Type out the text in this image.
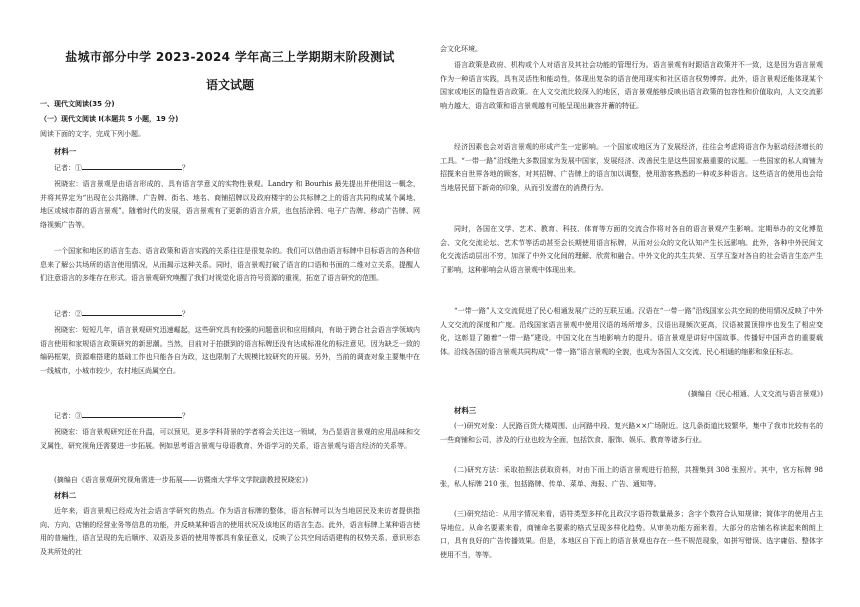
盐城市部分中学 2023-2024 学年高三上学期期末阶段测试
语文试题
一、现代文阅读(35 分)
（一）现代文阅读 I(本题共 5 小题，19 分)
阅读下面的文字，完成下列小题。
材料一
记者：①	？
祝晓宏：语言景观是由语言形成的、具有语言学意义的实物性景观。Landry 和 Bourhis 最先提出并使用这一概念，并将其界定为“出现在公共路牌、广告牌、街名、地名、商铺招牌以及政府楼宇的公共标牌之上的语言共同构成某个属地、地区或城市群的语言景观”。随着时代的发展，语言景观有了更新的语言介质，也包括涂鸦、电子广告牌、移动广告牌、网络视频广告等。
一个国家和地区的语言生态、语言政策和语言实践的关系往往是很复杂的。我们可以借由语言标牌中目标语言的各种信息来了解公共场所的语言使用情况，从而揭示这种关系。同时，语言景观打破了语言的口语和书面的二维对立关系，提醒人们注意语言的多维存在形式。语言景观研究唤醒了我们对视觉化语言符号资源的重视，拓宽了语言研究的范围。
记者：②	？
祝晓宏：短短几年，语言景观研究迅速崛起，这些研究具有较强的问题意识和应用倾向，有助于跨合社会语言学领域内语言使用和家规语言政策研究的新思潮。当然，目前对于拍摄到的语言标牌还没有达成标准化的标注意见，因为缺乏一致的编码框架，资源难搭建的基础工作也只能各自为政，这也限制了大规模比较研究的开展。另外，当前的调查对象主要集中在一线城市，小城市较少，农村地区尚属空白。
记者：③	？
祝晓宏：语言景观研究还在升温，可以预见，更多学科背景的学者将会关注这一领域，为凸显语言景观的应用品味和交叉属性，研究视角还需要进一步拓展。例如思考语言景观与母语教育、外语学习的关系，语言景观与语言经济的关系等。
(摘编自《语言景观研究视角需进一步拓展——访暨南大学华文学院副教授祝晓宏》)
材料二
近年来，语言景观已经成为社会语言学研究的热点。作为语言标牌的整体，语言标牌可以为当地居民及来访者提供指向、方向、店铺的经营业务等信息的功能，并反映某种语言的使用状况及该地区的语言生态。此外，语言标牌上某种语言使用的普遍性，语言呈现的先后顺序、双语及多语的使用等都具有象征意义，反映了公共空间话语建构的权势关系、意识形态及其所处的社
会文化环境。
语言政策是政府、机构或个人对语言及其社会功能的管理行为。语言景观有时跟语言政策并不一致，这是因为语言景观作为一种语言实践，具有灵活性和能动性，体现出复杂的语言使用现实和社区语言权势博弈。此外，语言景观还能体现某个国家或地区的隐性语言政策。在人文交流比较深入的地区，语言景观能够反映出语言政策的包容性和价值取向，人文交流影响力越大，语言政策和语言景观越有可能呈现出兼容并蓄的特征。
经济因素也会对语言景观的形成产生一定影响。一个国家或地区为了发展经济，往往会考虑将语言作为驱动经济增长的工具。“一带一路”沿线绝大多数国家为发展中国家，发展经济、改善民生是这些国家最重要的议题。一些国家的私人商铺为招揽来自世界各地的顾客，对其招牌、广告牌上的语言加以调整，使用游客熟悉的一种或多种语言。这些语言的使用也会给当地居民留下新奇的印象，从而引发潜在的消费行为。
同时，各国在文学、艺术、教育、科技、体育等方面的交流合作将对各自的语言景观产生影响。定期举办的文化博览会、文化交流论坛、艺术节等活动甚至会长期使用语言标牌，从而对公众的文化认知产生长远影响。此外，各种中外民间文化交流活动层出不穷，加深了中外文化间的理解、欣赏和融合。中外文化的共生共荣、互学互鉴对各自的社会语言生态产生了影响，这种影响会从语言景观中体现出来。
“一带一路”人文交流促进了民心相通发展广泛的互联互通。汉语在“一带一路”沿线国家公共空间的使用情况反映了中外人文交流的深度和广度。沿线国家语言景观中使用汉语的场所增多，汉语出现频次更高，汉语被置顶排序也发生了相应变化，这彰显了随着“一带一路”建设，中国文化在当地影响力的提升。语言景观是讲好中国故事、传播好中国声音的重要载体。沿线各国的语言景观共同构成“一带一路”语言景观的全貌，也成为各国人文交流、民心相通的缩影和象征标志。
(摘编自《民心相通、人文交流与语言景观》)
材料三
(一)研究对象：人民路百货大楼周围、山河路中段、复兴路××广场附近。这几条街道比较繁华，集中了我市比较有名的一些商铺和公司，涉及的行业也较为全面，包括饮食、服饰、娱乐、教育等诸多行业。
(二)研究方法：采取拍照法获取资料，对由下而上的语言景观进行拍照，共搜集到 308 张照片。其中，官方标牌 98 张，私人标牌 210 张，包括路牌、传单、菜单、海报、广告、通知等。
(三)研究结论：从用字情况来看，语符类型多样化且政汉字语符数量最多；含字个数符合认知规律；简体字的使用占主导地位。从命名要素来看，商铺命名要素的格式呈现多样化趋势。从审美功能方面来看，大部分的店铺名称读起来朗朗上口，具有良好的广告传播效果。但是，本地区自下而上的语言景观也存在一些不规范现象，如拼写错误、选字庸俗、整体字使用不当，等等。
